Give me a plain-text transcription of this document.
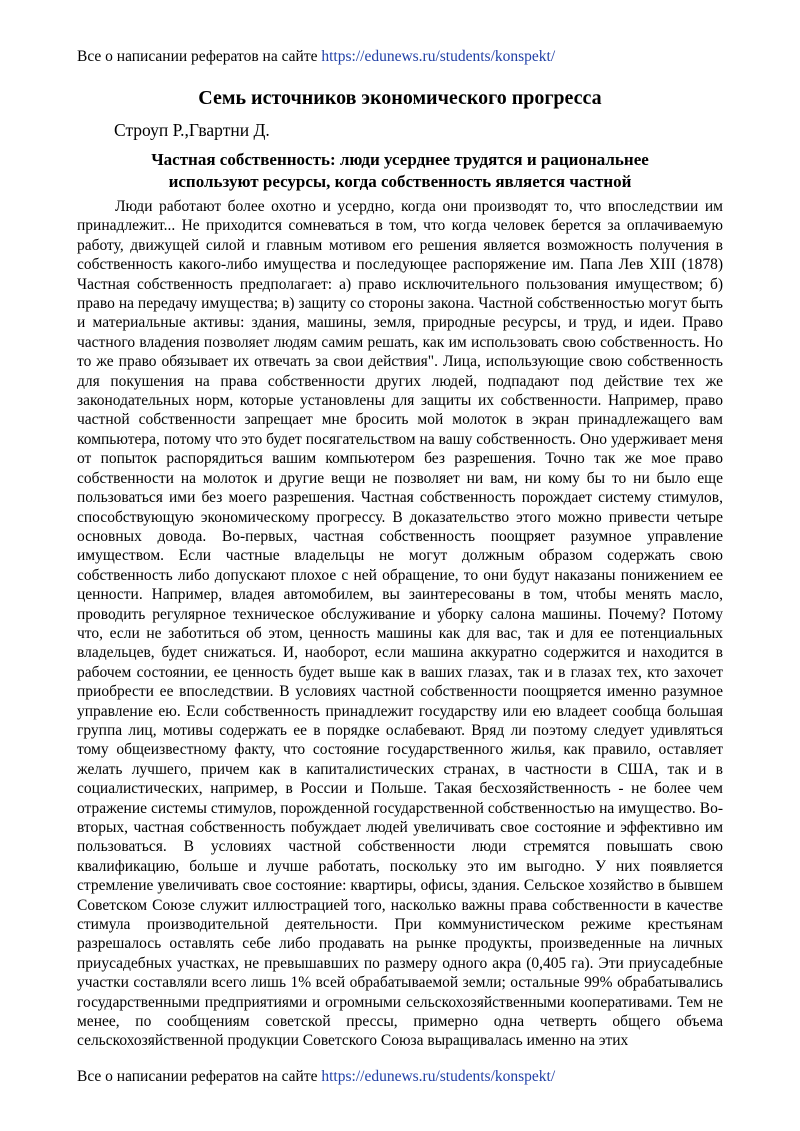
Все о написании рефератов на сайте https://edunews.ru/students/konspekt/
Семь источников экономического прогресса
Строуп Р.,Гвартни Д.
Частная собственность: люди усерднее трудятся и рациональнее используют ресурсы, когда собственность является частной

Люди работают более охотно и усердно, когда они производят то, что впоследствии им принадлежит... Не приходится сомневаться в том, что когда человек берется за оплачиваемую работу, движущей силой и главным мотивом его решения является возможность получения в собственность какого-либо имущества и последующее распоряжение им. Папа Лев XIII (1878) Частная собственность предполагает: а) право исключительного пользования имуществом; б) право на передачу имущества; в) защиту со стороны закона. Частной собственностью могут быть и материальные активы: здания, машины, земля, природные ресурсы, и труд, и идеи. Право частного владения позволяет людям самим решать, как им использовать свою собственность. Но то же право обязывает их отвечать за свои действия". Лица, использующие свою собственность для покушения на права собственности других людей, подпадают под действие тех же законодательных норм, которые установлены для защиты их собственности. Например, право частной собственности запрещает мне бросить мой молоток в экран принадлежащего вам компьютера, потому что это будет посягательством на вашу собственность. Оно удерживает меня от попыток распорядиться вашим компьютером без разрешения. Точно так же мое право собственности на молоток и другие вещи не позволяет ни вам, ни кому бы то ни было еще пользоваться ими без моего разрешения. Частная собственность порождает систему стимулов, способствующую экономическому прогрессу. В доказательство этого можно привести четыре основных довода. Во-первых, частная собственность поощряет разумное управление имуществом. Если частные владельцы не могут должным образом содержать свою собственность либо допускают плохое с ней обращение, то они будут наказаны понижением ее ценности. Например, владея автомобилем, вы заинтересованы в том, чтобы менять масло, проводить регулярное техническое обслуживание и уборку салона машины. Почему? Потому что, если не заботиться об этом, ценность машины как для вас, так и для ее потенциальных владельцев, будет снижаться. И, наоборот, если машина аккуратно содержится и находится в рабочем состоянии, ее ценность будет выше как в ваших глазах, так и в глазах тех, кто захочет приобрести ее впоследствии. В условиях частной собственности поощряется именно разумное управление ею. Если собственность принадлежит государству или ею владеет сообща большая группа лиц, мотивы содержать ее в порядке ослабевают. Вряд ли поэтому следует удивляться тому общеизвестному факту, что состояние государственного жилья, как правило, оставляет желать лучшего, причем как в капиталистических странах, в частности в США, так и в социалистических, например, в России и Польше. Такая бесхозяйственность - не более чем отражение системы стимулов, порожденной государственной собственностью на имущество. Во-вторых, частная собственность побуждает людей увеличивать свое состояние и эффективно им пользоваться. В условиях частной собственности люди стремятся повышать свою квалификацию, больше и лучше работать, поскольку это им выгодно. У них появляется стремление увеличивать свое состояние: квартиры, офисы, здания. Сельское хозяйство в бывшем Советском Союзе служит иллюстрацией того, насколько важны права собственности в качестве стимула производительной деятельности. При коммунистическом режиме крестьянам разрешалось оставлять себе либо продавать на рынке продукты, произведенные на личных приусадебных участках, не превышавших по размеру одного акра (0,405 га). Эти приусадебные участки составляли всего лишь 1% всей обрабатываемой земли; остальные 99% обрабатывались государственными предприятиями и огромными сельскохозяйственными кооперативами. Тем не менее, по сообщениям советской прессы, примерно одна четверть общего объема сельскохозяйственной продукции Советского Союза выращивалась именно на этих

Все о написании рефератов на сайте https://edunews.ru/students/konspekt/
